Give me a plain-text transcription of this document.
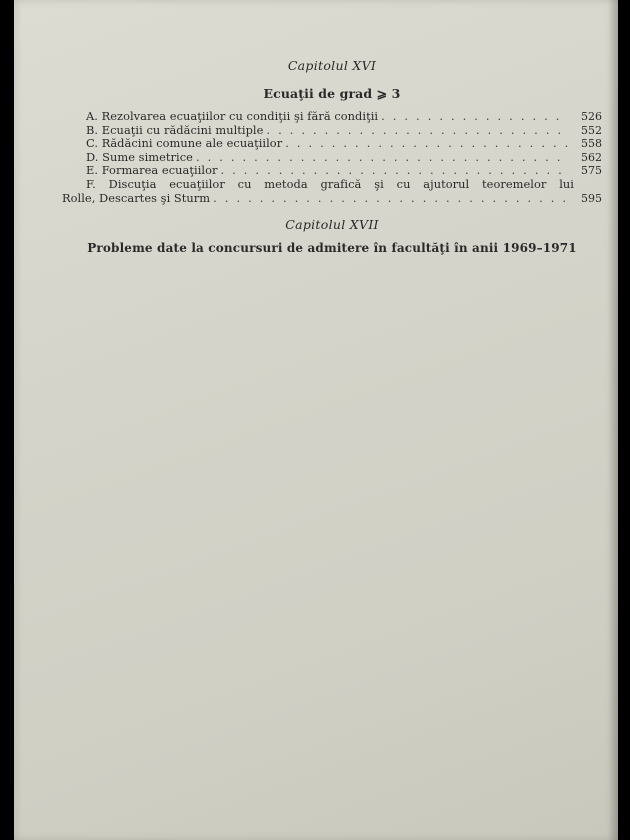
Capitolul XVI

Ecuaţii de grad ⩾ 3

A. Rezolvarea ecuaţiilor cu condiţii şi fără condiţii . . .	526
B. Ecuaţii cu rădăcini multiple . . .	552
C. Rădăcini comune ale ecuaţiilor . . .	558
D. Sume simetrice . . .	562
E. Formarea ecuaţiilor . . .	575
F. Discuţia ecuaţiilor cu metoda grafică şi cu ajutorul teoremelor lui
Rolle, Descartes şi Sturm . . .	595

Capitolul XVII

Probleme date la concursuri de admitere în facultăţi în anii 1969–1971
